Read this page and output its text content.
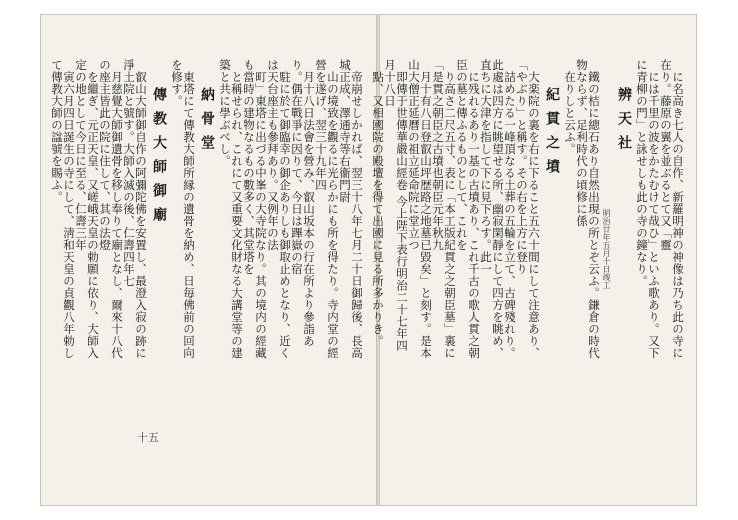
帝崩せしかれば、翌三十八年七月二十日御歸後、長高城正成、澤通寺等右衞門尉

山の境致を觀るに光らかにも所を得たり。寺内堂の經營を遂げ、翌三十九年四

月十八日法會を營み、叡山坂本の行在所より參詣あり。偶在戰爭に因りて、今日は蹕嶽の宿

駐に於て御臨幸の御企ありしも御取止めとなり、近くは天台座主も參拜あり。又例年の法

町」東塔に出づる中峯の大寺院なり。其の境内の經藏も當時の建物なるもの數多く、其堂塔を

と稱せられ、これにて又重要文化財なる大講堂等の建築と共に學ぶべし。

納骨堂

東塔にて傳教大師所縁の遺骨を納め、日毎佛前の回向を修す。

傳教大師御廟

叡山大師御自作の阿彌陀佛を安置し、最澄入寂の跡に淨土院と號す。大師入滅の後、仁壽四年七

月慈覺大師御遺骨を移し奉りて廟となし、爾來十八代の座主皆此の院に住して、其の法燈

を繼ぎ、元正天皇、又嵯峨天皇の勅願に依り、大師入定の地として今日に至る、仁壽三年

寅六月四日誕生の寺にして、淸和天皇の貞觀八年勅して傳教大師の諡號を賜ふ。

十五

に名高き七人の自作、新羅明神の神像は乃ち此の寺に在り。藤原の翼を並ぶるとて又「靈

には千里の波をかたむけて哉ひ」といふ歌あり。又下に青柳の門」と詠せしも此の寺の鐘なり。

辨天社

明治廿年五月十日竣工

鐵の桔に總石あり自然出現の所とぞ云ふ。鎌倉の時代物ならず、足利時代の頃修に係

在りしと云ふ。

紀貫之墳

大楽院の裏を右に下ること五六十間にして注意あり、「やぶり」と稱す。その右を上方に登り

詰めたる一峰頂なる土葬の五輪を立て、古碑殘れり。此處は四方に眺望せる所、幽寂閑靜にして四方を眺め、直ちに大津を指して下に見下ろす。此一

に残れるあり一基の古墳あり、これ千古の歌人貫之朝臣の墓と傳ふるものとして、これを

り高さ二尺五寸、表に「本工版紀貫之之朝臣墓」裏に「是貫之朝臣之古墳也朝臣元年秋九

月十有八日登叡山坪歴路之地墓已毀矣」と刻す。是本山大僧正延曆の祖立延命院に堂立つ

即傳于世傳華嚴山經卷 今上陛下表行明治二十七年四月十八日

點、又相國院の殿壇を得て出國に見る所多かりき。
